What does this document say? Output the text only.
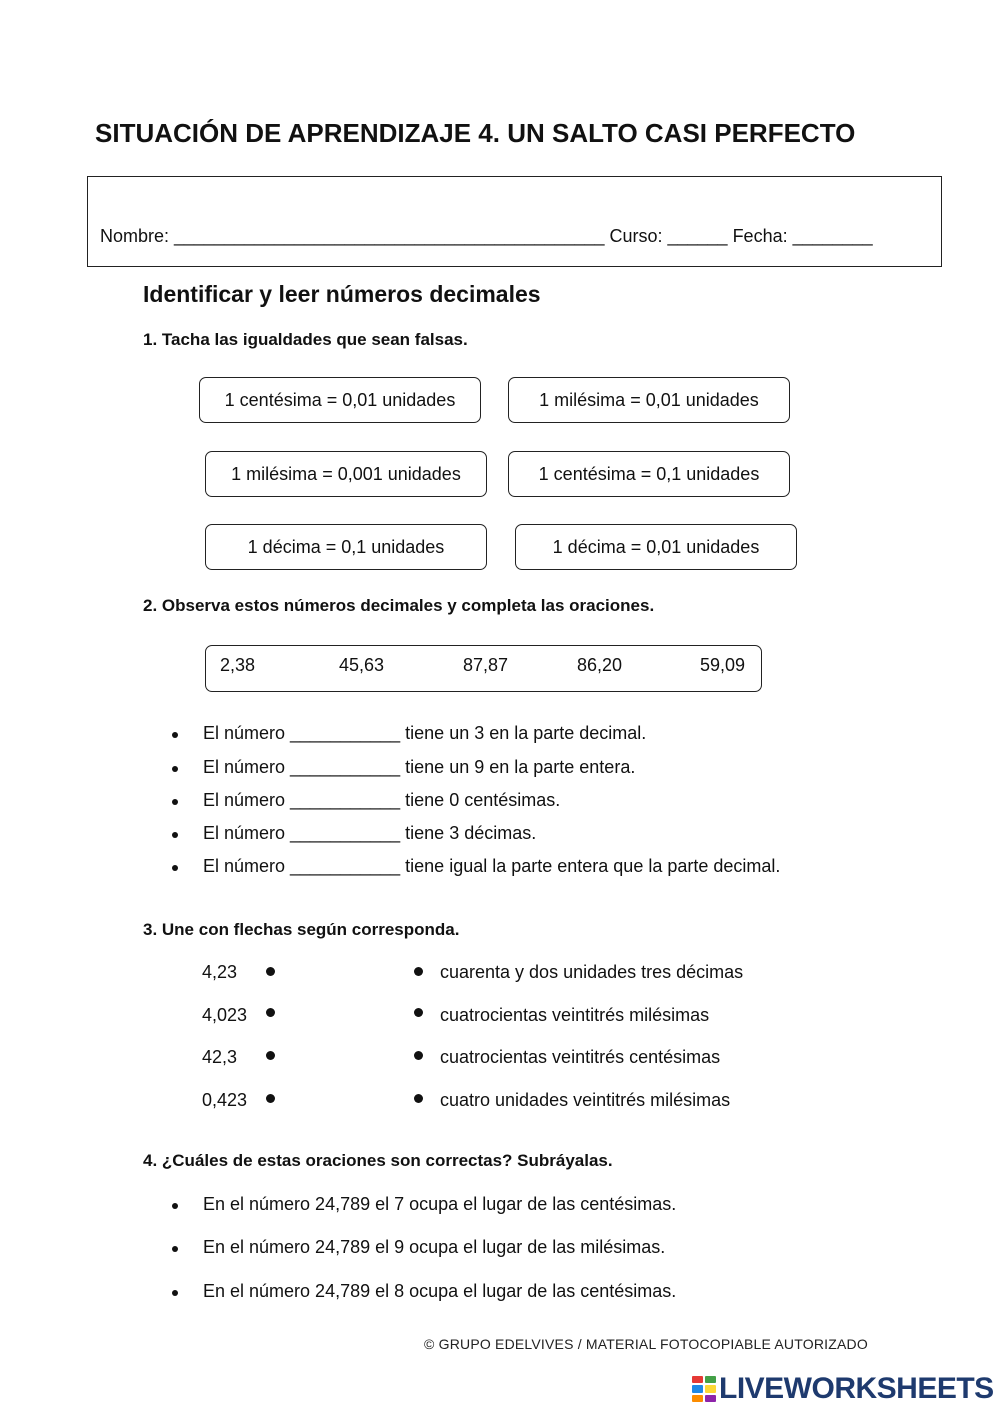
SITUACIÓN DE APRENDIZAJE 4. UN SALTO CASI PERFECTO
Nombre: ___________________________________________ Curso: ______ Fecha: ________
Identificar y leer números decimales
1. Tacha las igualdades que sean falsas.
1 centésima = 0,01 unidades	1 milésima = 0,01 unidades
1 milésima = 0,001 unidades	1 centésima = 0,1 unidades
1 décima = 0,1 unidades	1 décima = 0,01 unidades
2. Observa estos números decimales y completa las oraciones.
2,38	45,63	87,87	86,20	59,09
El número ___________ tiene un 3 en la parte decimal.
El número ___________ tiene un 9 en la parte entera.
El número ___________ tiene 0 centésimas.
El número ___________ tiene 3 décimas.
El número ___________ tiene igual la parte entera que la parte decimal.
3. Une con flechas según corresponda.
4,23
4,023
42,3
0,423
cuarenta y dos unidades tres décimas
cuatrocientas veintitrés milésimas
cuatrocientas veintitrés centésimas
cuatro unidades veintitrés milésimas
4. ¿Cuáles de estas oraciones son correctas? Subráyalas.
En el número 24,789 el 7 ocupa el lugar de las centésimas.
En el número 24,789 el 9 ocupa el lugar de las milésimas.
En el número 24,789 el 8 ocupa el lugar de las centésimas.
© GRUPO EDELVIVES / MATERIAL FOTOCOPIABLE AUTORIZADO
LIVEWORKSHEETS
